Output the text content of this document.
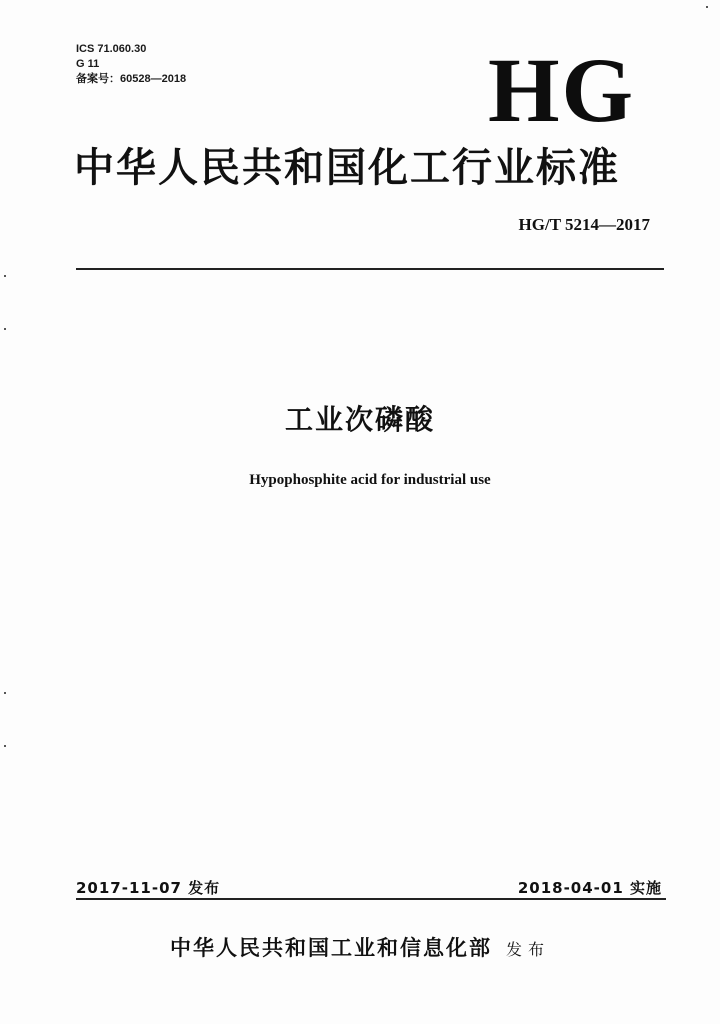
ICS 71.060.30
G 11
备案号：60528—2018	HG
中华人民共和国化工行业标准
HG/T 5214—2017
工业次磷酸
Hypophosphite acid for industrial use
2017-11-07 发布	2018-04-01 实施
中华人民共和国工业和信息化部 发布
